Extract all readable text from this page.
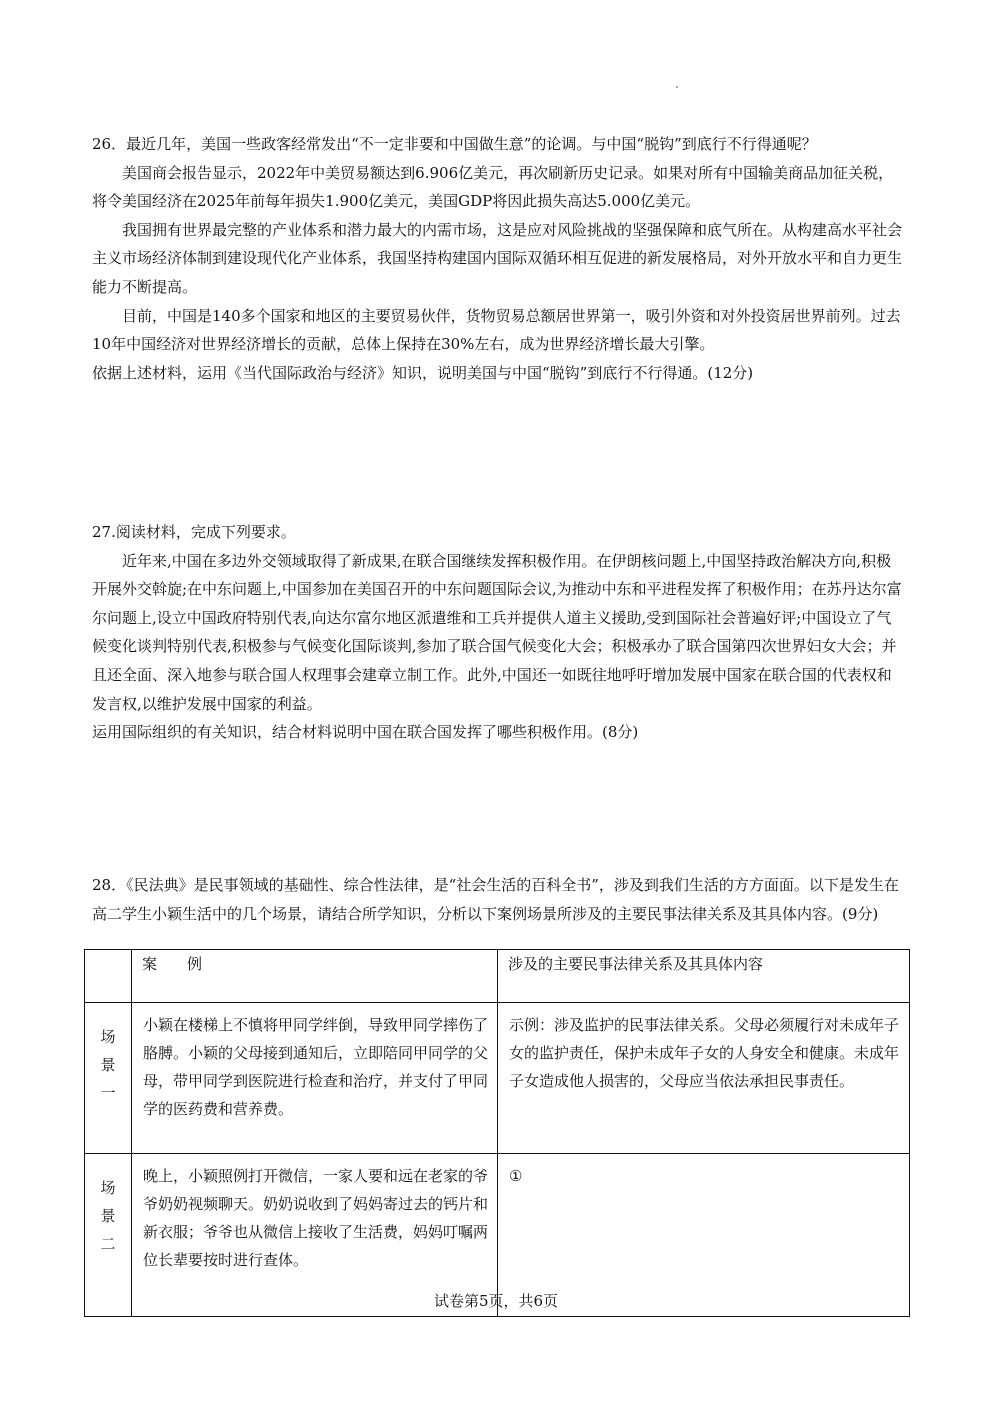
26．最近几年，美国一些政客经常发出“不一定非要和中国做生意”的论调。与中国“脱钩”到底行不行得通呢？

美国商会报告显示，2022年中美贸易额达到6.906亿美元，再次刷新历史记录。如果对所有中国输美商品加征关税，将令美国经济在2025年前每年损失1.900亿美元，美国GDP将因此损失高达5.000亿美元。

我国拥有世界最完整的产业体系和潜力最大的内需市场，这是应对风险挑战的坚强保障和底气所在。从构建高水平社会主义市场经济体制到建设现代化产业体系，我国坚持构建国内国际双循环相互促进的新发展格局，对外开放水平和自力更生能力不断提高。

目前，中国是140多个国家和地区的主要贸易伙伴，货物贸易总额居世界第一，吸引外资和对外投资居世界前列。过去10年中国经济对世界经济增长的贡献，总体上保持在30%左右，成为世界经济增长最大引擎。

依据上述材料，运用《当代国际政治与经济》知识，说明美国与中国“脱钩”到底行不行得通。(12分)

27.阅读材料，完成下列要求。

近年来,中国在多边外交领域取得了新成果,在联合国继续发挥积极作用。在伊朗核问题上,中国坚持政治解决方向,积极开展外交斡旋;在中东问题上,中国参加在美国召开的中东问题国际会议,为推动中东和平进程发挥了积极作用；在苏丹达尔富尔问题上,设立中国政府特别代表,向达尔富尔地区派遣维和工兵并提供人道主义援助,受到国际社会普遍好评;中国设立了气候变化谈判特别代表,积极参与气候变化国际谈判,参加了联合国气候变化大会；积极承办了联合国第四次世界妇女大会；并且还全面、深入地参与联合国人权理事会建章立制工作。此外,中国还一如既往地呼吁增加发展中国家在联合国的代表权和发言权,以维护发展中国家的利益。

运用国际组织的有关知识，结合材料说明中国在联合国发挥了哪些积极作用。(8分)

28．《民法典》是民事领域的基础性、综合性法律，是“社会生活的百科全书”，涉及到我们生活的方方面面。以下是发生在高二学生小颖生活中的几个场景，请结合所学知识，分析以下案例场景所涉及的主要民事法律关系及其具体内容。(9分)

	案　　例	涉及的主要民事法律关系及其具体内容

场
景
一	小颖在楼梯上不慎将甲同学绊倒，导致甲同学摔伤了胳膊。小颖的父母接到通知后，立即陪同甲同学的父母，带甲同学到医院进行检查和治疗，并支付了甲同学的医药费和营养费。	示例：涉及监护的民事法律关系。父母必须履行对未成年子女的监护责任，保护未成年子女的人身安全和健康。未成年子女造成他人损害的，父母应当依法承担民事责任。

场
景
二	晚上，小颖照例打开微信，一家人要和远在老家的爷爷奶奶视频聊天。奶奶说收到了妈妈寄过去的钙片和新衣服；爷爷也从微信上接收了生活费，妈妈叮嘱两位长辈要按时进行查体。	①
试卷第5页，共6页
